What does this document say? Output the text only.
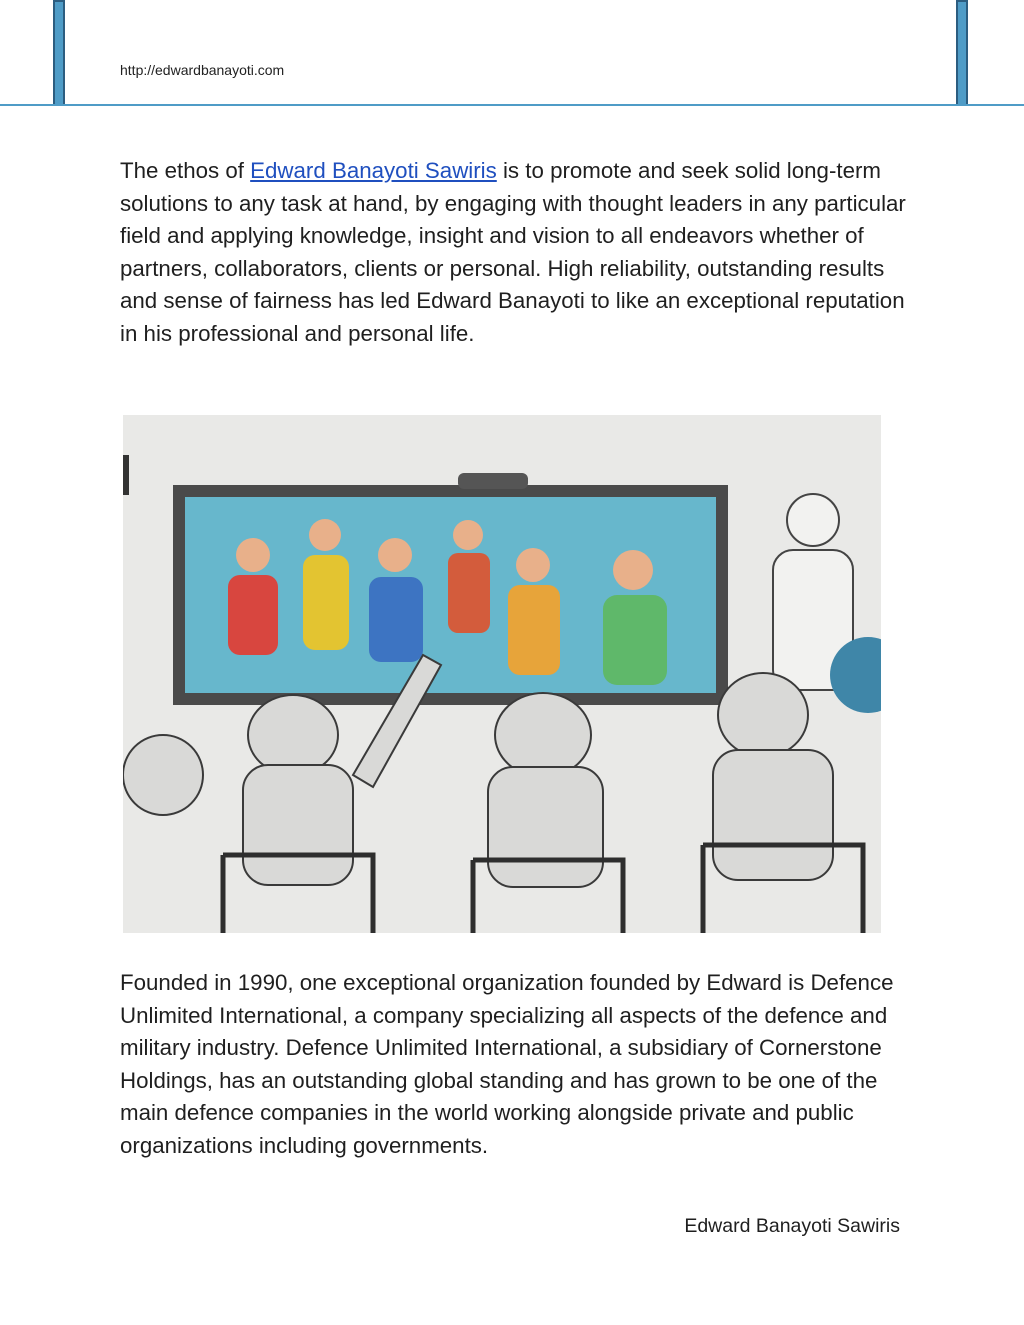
http://edwardbanayoti.com
The ethos of Edward Banayoti Sawiris is to promote and seek solid long-term solutions to any task at hand, by engaging with thought leaders in any particular field and applying knowledge, insight and vision to all endeavors whether of partners, collaborators, clients or personal. High reliability, outstanding results and sense of fairness has led Edward Banayoti to like an exceptional reputation in his professional and personal life.
Founded in 1990, one exceptional organization founded by Edward is Defence Unlimited International, a company specializing all aspects of the defence and military industry. Defence Unlimited International, a subsidiary of Cornerstone Holdings, has an outstanding global standing and has grown to be one of the main defence companies in the world working alongside private and public organizations including governments.
Edward Banayoti Sawiris
